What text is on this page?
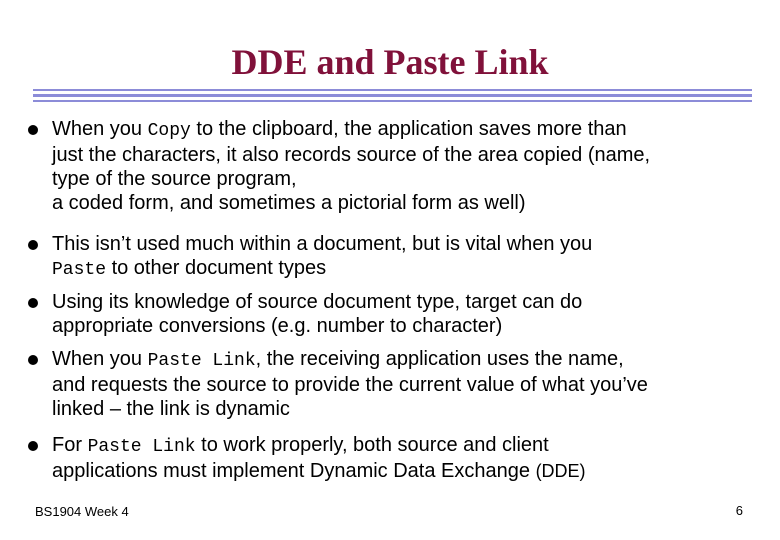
DDE and Paste Link

When you Copy to the clipboard, the application saves more than
just the characters, it also records source of the area copied (name,
type of the source program,
a coded form, and sometimes a pictorial form as well)

This isn’t used much within a document, but is vital when you
Paste to other document types

Using its knowledge of source document type, target can do
appropriate conversions (e.g. number to character)

When you Paste Link, the receiving application uses the name,
and requests the source to provide the current value of what you’ve
linked – the link is dynamic

For Paste Link to work properly, both source and client
applications must implement Dynamic Data Exchange (DDE)

BS1904 Week 4	6
